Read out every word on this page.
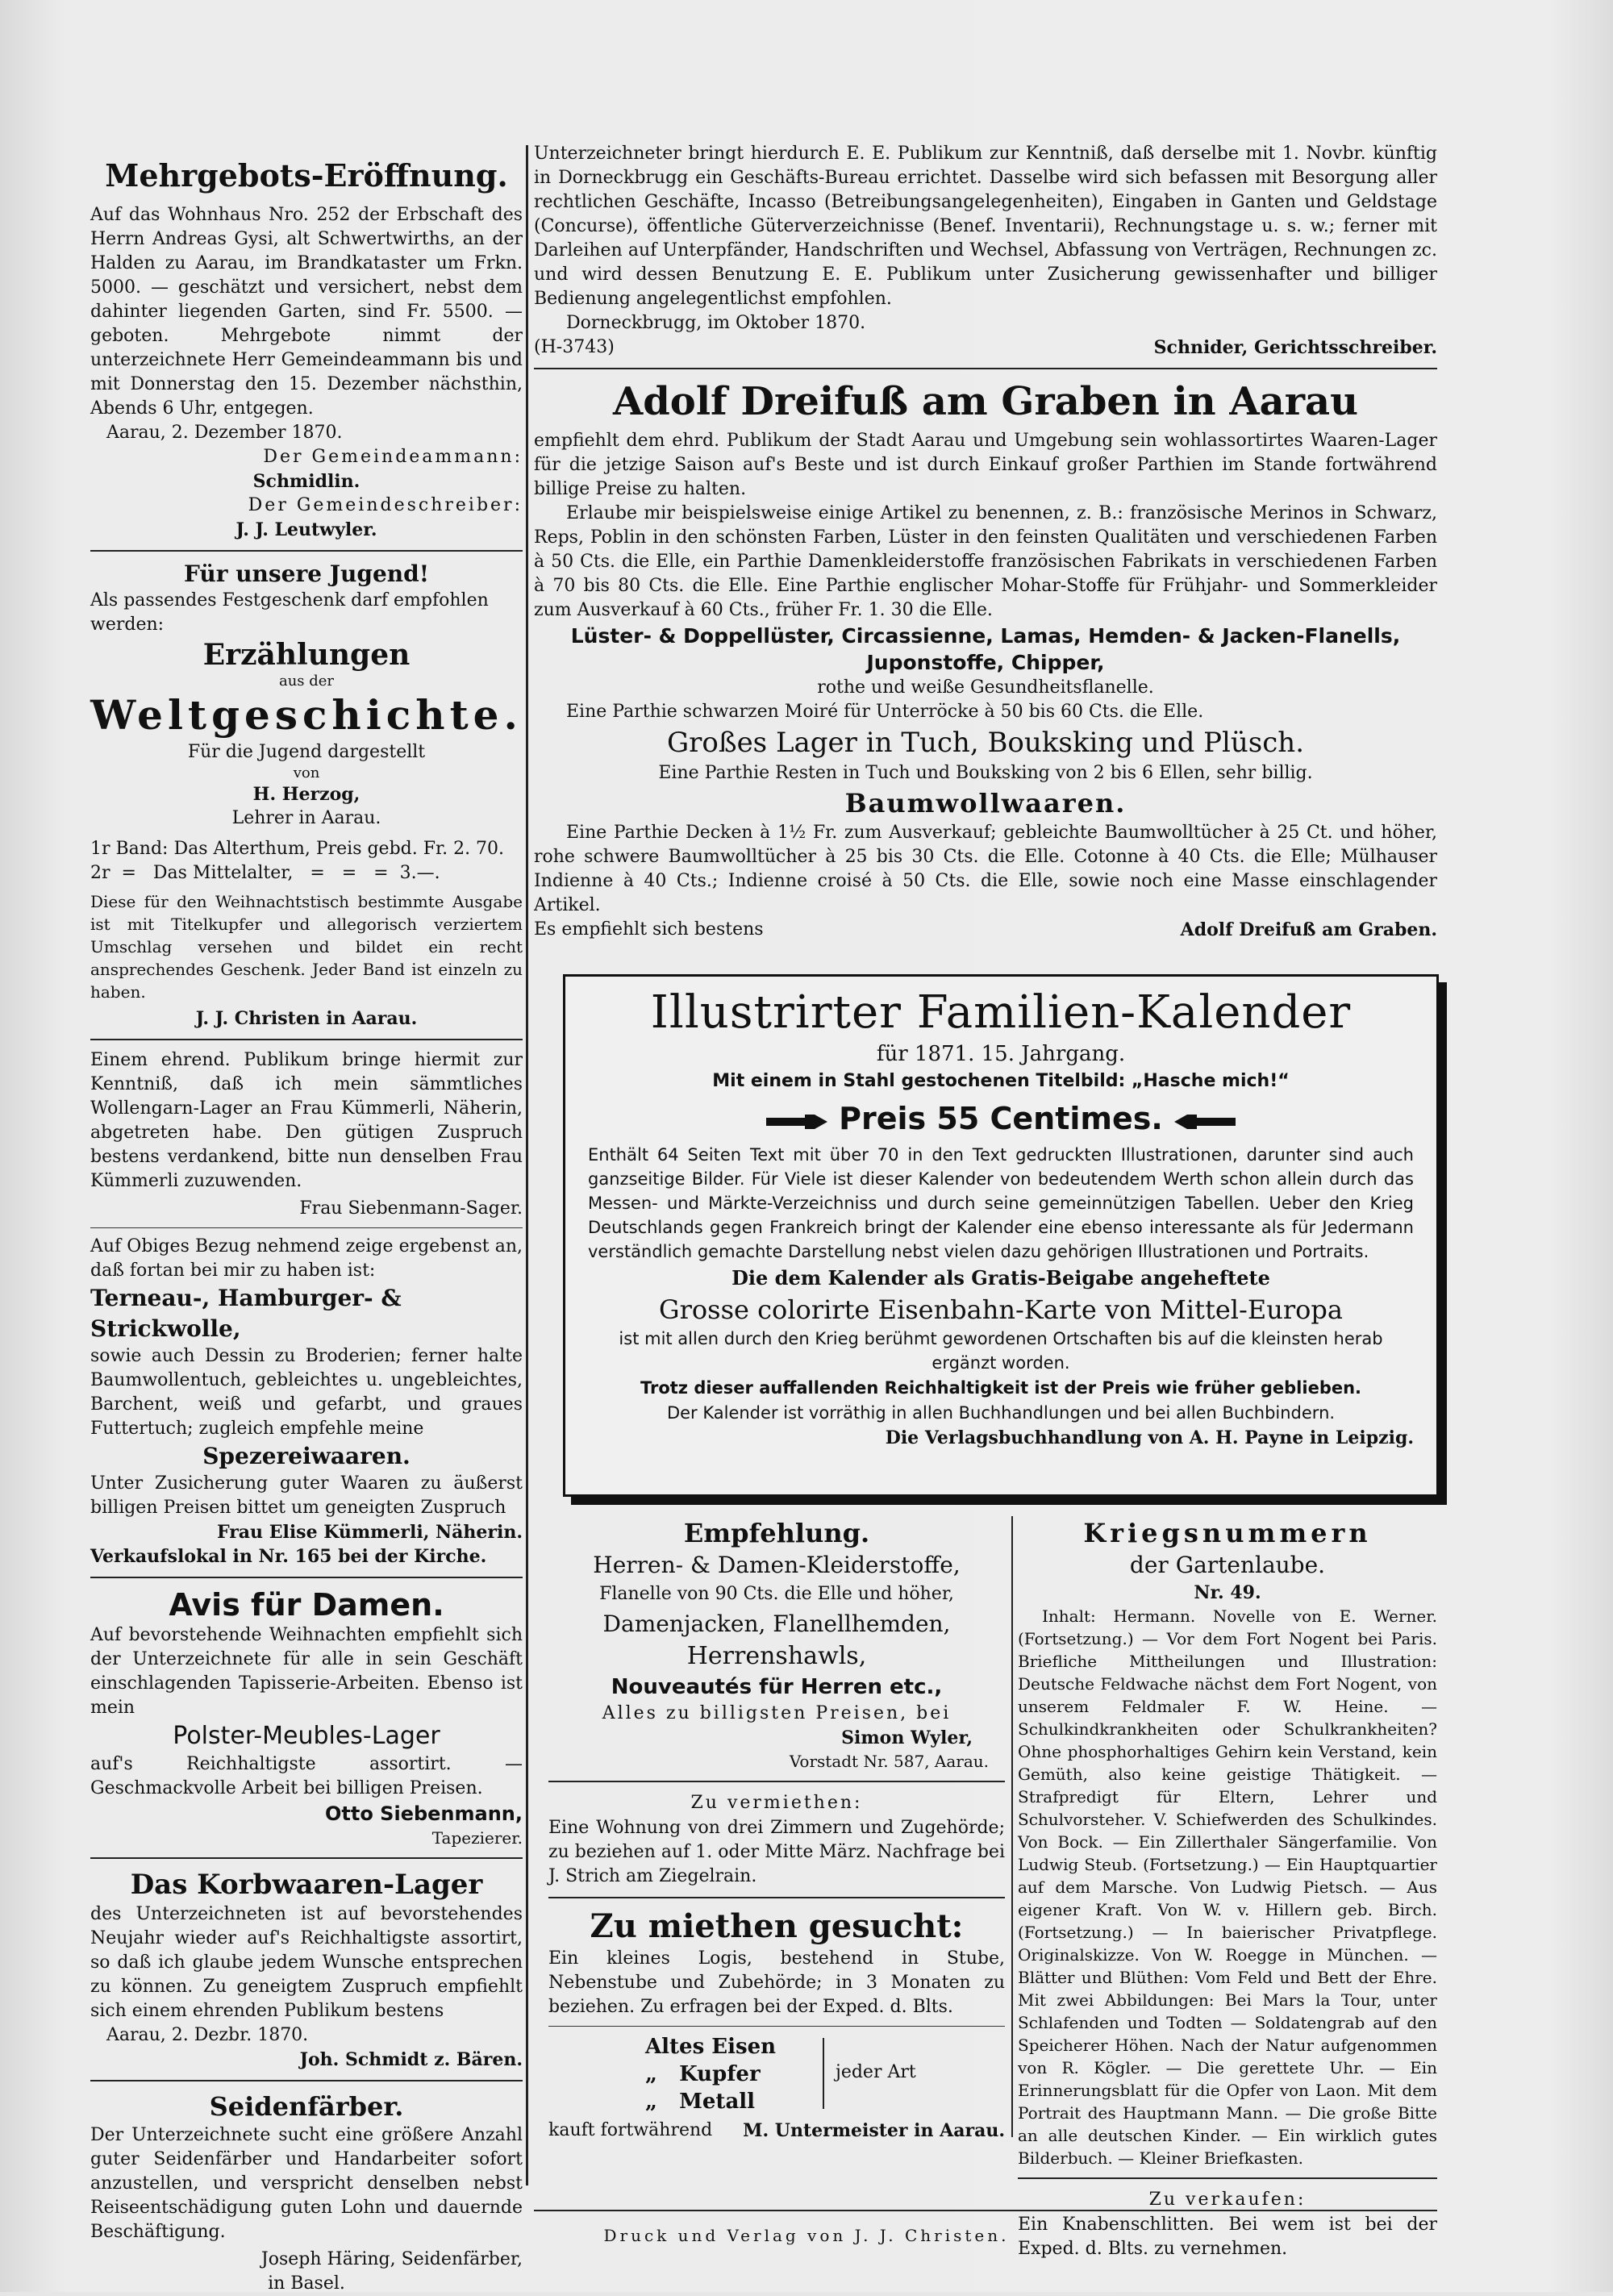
Mehrgebots-Eröffnung.

Auf das Wohnhaus Nro. 252 der Erbschaft des Herrn Andreas Gysi, alt Schwertwirths, an der Halden zu Aarau, im Brandkataster um Frkn. 5000. — geschätzt und versichert, nebst dem dahinter liegenden Garten, sind Fr. 5500. — geboten. Mehrgebote nimmt der unterzeichnete Herr Gemeindeammann bis und mit Donnerstag den 15. Dezember nächsthin, Abends 6 Uhr, entgegen.

Aarau, 2. Dezember 1870.

Der Gemeindeammann:

Schmidlin.

Der Gemeindeschreiber:

J. J. Leutwyler.

Für unsere Jugend!

Als passendes Festgeschenk darf empfohlen werden:

Erzählungen

aus der

Weltgeschichte.

Für die Jugend dargestellt

von

H. Herzog,

Lehrer in Aarau.

1r Band: Das Alterthum, Preis gebd. Fr. 2. 70.

2r  =   Das Mittelalter,   =   =   =  3.—.

Diese für den Weihnachtstisch bestimmte Ausgabe ist mit Titelkupfer und allegorisch verziertem Umschlag versehen und bildet ein recht ansprechendes Geschenk. Jeder Band ist einzeln zu haben.

J. J. Christen in Aarau.

Einem ehrend. Publikum bringe hiermit zur Kenntniß, daß ich mein sämmtliches Wollengarn-Lager an Frau Kümmerli, Näherin, abgetreten habe. Den gütigen Zuspruch bestens verdankend, bitte nun denselben Frau Kümmerli zuzuwenden.

Frau Siebenmann-Sager.

Auf Obiges Bezug nehmend zeige ergebenst an, daß fortan bei mir zu haben ist:

Terneau-, Hamburger- & Strickwolle,

sowie auch Dessin zu Broderien; ferner halte Baumwollentuch, gebleichtes u. ungebleichtes, Barchent, weiß und gefarbt, und graues Futtertuch; zugleich empfehle meine

Spezereiwaaren.

Unter Zusicherung guter Waaren zu äußerst billigen Preisen bittet um geneigten Zuspruch

Frau Elise Kümmerli, Näherin.

Verkaufslokal in Nr. 165 bei der Kirche.

Avis für Damen.

Auf bevorstehende Weihnachten empfiehlt sich der Unterzeichnete für alle in sein Geschäft einschlagenden Tapisserie-Arbeiten. Ebenso ist mein

Polster-Meubles-Lager

auf's Reichhaltigste assortirt. — Geschmackvolle Arbeit bei billigen Preisen.

Otto Siebenmann,

Tapezierer.

Das Korbwaaren-Lager

des Unterzeichneten ist auf bevorstehendes Neujahr wieder auf's Reichhaltigste assortirt, so daß ich glaube jedem Wunsche entsprechen zu können. Zu geneigtem Zuspruch empfiehlt sich einem ehrenden Publikum bestens

Aarau, 2. Dezbr. 1870.

Joh. Schmidt z. Bären.

Seidenfärber.

Der Unterzeichnete sucht eine größere Anzahl guter Seidenfärber und Handarbeiter sofort anzustellen, und verspricht denselben nebst Reiseentschädigung guten Lohn und dauernde Beschäftigung.

Joseph Häring, Seidenfärber,

in Basel.

Unterzeichneter bringt hierdurch E. E. Publikum zur Kenntniß, daß derselbe mit 1. Novbr. künftig in Dorneckbrugg ein Geschäfts-Bureau errichtet. Dasselbe wird sich befassen mit Besorgung aller rechtlichen Geschäfte, Incasso (Betreibungsangelegenheiten), Eingaben in Ganten und Geldstage (Concurse), öffentliche Güterverzeichnisse (Benef. Inventarii), Rechnungstage u. s. w.; ferner mit Darleihen auf Unterpfänder, Handschriften und Wechsel, Abfassung von Verträgen, Rechnungen zc. und wird dessen Benutzung E. E. Publikum unter Zusicherung gewissenhafter und billiger Bedienung angelegentlichst empfohlen.

Dorneckbrugg, im Oktober 1870.

(H-3743)	Schnider, Gerichtsschreiber.

Adolf Dreifuß am Graben in Aarau

empfiehlt dem ehrd. Publikum der Stadt Aarau und Umgebung sein wohlassortirtes Waaren-Lager für die jetzige Saison auf's Beste und ist durch Einkauf großer Parthien im Stande fortwährend billige Preise zu halten.

Erlaube mir beispielsweise einige Artikel zu benennen, z. B.: französische Merinos in Schwarz, Reps, Poblin in den schönsten Farben, Lüster in den feinsten Qualitäten und verschiedenen Farben à 50 Cts. die Elle, ein Parthie Damenkleiderstoffe französischen Fabrikats in verschiedenen Farben à 70 bis 80 Cts. die Elle. Eine Parthie englischer Mohar-Stoffe für Frühjahr- und Sommerkleider zum Ausverkauf à 60 Cts., früher Fr. 1. 30 die Elle.

Lüster- & Doppellüster, Circassienne, Lamas, Hemden- & Jacken-Flanells, Juponstoffe, Chipper,

rothe und weiße Gesundheitsflanelle.

Eine Parthie schwarzen Moiré für Unterröcke à 50 bis 60 Cts. die Elle.

Großes Lager in Tuch, Bouksking und Plüsch.

Eine Parthie Resten in Tuch und Bouksking von 2 bis 6 Ellen, sehr billig.

Baumwollwaaren.

Eine Parthie Decken à 1½ Fr. zum Ausverkauf; gebleichte Baumwolltücher à 25 Ct. und höher, rohe schwere Baumwolltücher à 25 bis 30 Cts. die Elle. Cotonne à 40 Cts. die Elle; Mülhauser Indienne à 40 Cts.; Indienne croisé à 50 Cts. die Elle, sowie noch eine Masse einschlagender Artikel.

Es empfiehlt sich bestens	Adolf Dreifuß am Graben.

Illustrirter Familien-Kalender

für 1871. 15. Jahrgang.

Mit einem in Stahl gestochenen Titelbild: „Hasche mich!“

Preis 55 Centimes.

Enthält 64 Seiten Text mit über 70 in den Text gedruckten Illustrationen, darunter sind auch ganzseitige Bilder. Für Viele ist dieser Kalender von bedeutendem Werth schon allein durch das Messen- und Märkte-Verzeichniss und durch seine gemeinnützigen Tabellen. Ueber den Krieg Deutschlands gegen Frankreich bringt der Kalender eine ebenso interessante als für Jedermann verständlich gemachte Darstellung nebst vielen dazu gehörigen Illustrationen und Portraits.

Die dem Kalender als Gratis-Beigabe angeheftete

Grosse colorirte Eisenbahn-Karte von Mittel-Europa

ist mit allen durch den Krieg berühmt gewordenen Ortschaften bis auf die kleinsten herab ergänzt worden.

Trotz dieser auffallenden Reichhaltigkeit ist der Preis wie früher geblieben.

Der Kalender ist vorräthig in allen Buchhandlungen und bei allen Buchbindern.

Die Verlagsbuchhandlung von A. H. Payne in Leipzig.

Empfehlung.

Herren- & Damen-Kleiderstoffe,

Flanelle von 90 Cts. die Elle und höher,

Damenjacken, Flanellhemden,

Herrenshawls,

Nouveautés für Herren etc.,

Alles zu billigsten Preisen, bei

Simon Wyler,

Vorstadt Nr. 587, Aarau.

Zu vermiethen:

Eine Wohnung von drei Zimmern und Zugehörde; zu beziehen auf 1. oder Mitte März. Nachfrage bei J. Strich am Ziegelrain.

Zu miethen gesucht:

Ein kleines Logis, bestehend in Stube, Nebenstube und Zubehörde; in 3 Monaten zu beziehen. Zu erfragen bei der Exped. d. Blts.

Altes Eisen

„   Kupfer

„   Metall

jeder Art

kauft fortwährend M. Untermeister in Aarau.

Kriegsnummern

der Gartenlaube.

Nr. 49.

Inhalt: Hermann. Novelle von E. Werner. (Fortsetzung.) — Vor dem Fort Nogent bei Paris. Briefliche Mittheilungen und Illustration: Deutsche Feldwache nächst dem Fort Nogent, von unserem Feldmaler F. W. Heine. — Schulkindkrankheiten oder Schulkrankheiten? Ohne phosphorhaltiges Gehirn kein Verstand, kein Gemüth, also keine geistige Thätigkeit. — Strafpredigt für Eltern, Lehrer und Schulvorsteher. V. Schiefwerden des Schulkindes. Von Bock. — Ein Zillerthaler Sängerfamilie. Von Ludwig Steub. (Fortsetzung.) — Ein Hauptquartier auf dem Marsche. Von Ludwig Pietsch. — Aus eigener Kraft. Von W. v. Hillern geb. Birch. (Fortsetzung.) — In baierischer Privatpflege. Originalskizze. Von W. Roegge in München. — Blätter und Blüthen: Vom Feld und Bett der Ehre. Mit zwei Abbildungen: Bei Mars la Tour, unter Schlafenden und Todten — Soldatengrab auf den Speicherer Höhen. Nach der Natur aufgenommen von R. Kögler. — Die gerettete Uhr. — Ein Erinnerungsblatt für die Opfer von Laon. Mit dem Portrait des Hauptmann Mann. — Die große Bitte an alle deutschen Kinder. — Ein wirklich gutes Bilderbuch. — Kleiner Briefkasten.

Zu verkaufen:

Ein Knabenschlitten. Bei wem ist bei der Exped. d. Blts. zu vernehmen.

Druck und Verlag von J. J. Christen.
